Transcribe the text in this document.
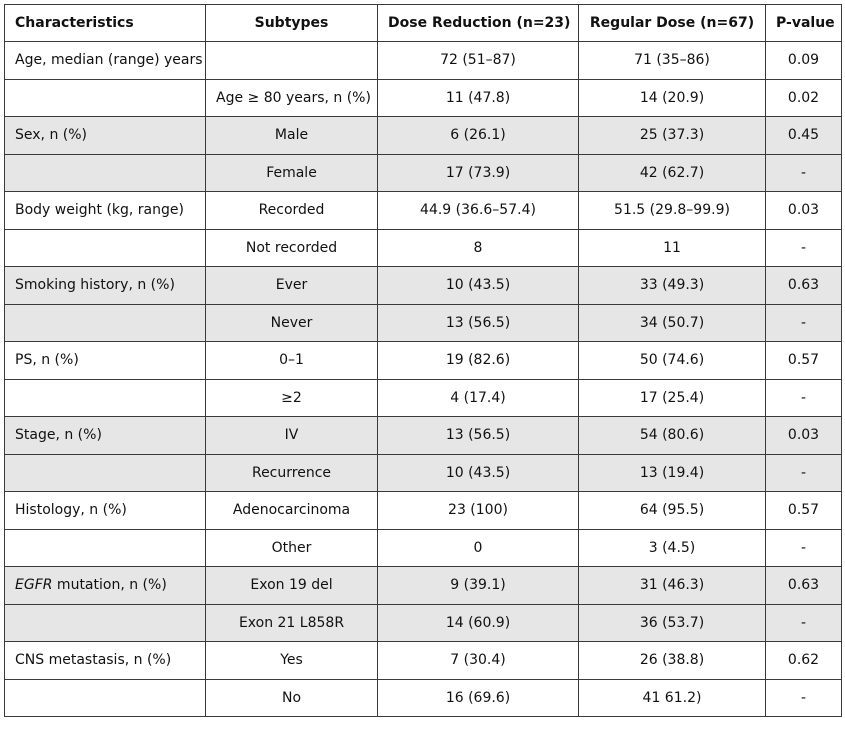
Characteristics	Subtypes	Dose Reduction (n=23)	Regular Dose (n=67)	P-value
Age, median (range) years		72 (51–87)	71 (35–86)	0.09
	Age ≥ 80 years, n (%)	11 (47.8)	14 (20.9)	0.02
Sex, n (%)	Male	6 (26.1)	25 (37.3)	0.45
	Female	17 (73.9)	42 (62.7)	-
Body weight (kg, range)	Recorded	44.9 (36.6–57.4)	51.5 (29.8–99.9)	0.03
	Not recorded	8	11	-
Smoking history, n (%)	Ever	10 (43.5)	33 (49.3)	0.63
	Never	13 (56.5)	34 (50.7)	-
PS, n (%)	0–1	19 (82.6)	50 (74.6)	0.57
	≥2	4 (17.4)	17 (25.4)	-
Stage, n (%)	IV	13 (56.5)	54 (80.6)	0.03
	Recurrence	10 (43.5)	13 (19.4)	-
Histology, n (%)	Adenocarcinoma	23 (100)	64 (95.5)	0.57
	Other	0	3 (4.5)	-
EGFR mutation, n (%)	Exon 19 del	9 (39.1)	31 (46.3)	0.63
	Exon 21 L858R	14 (60.9)	36 (53.7)	-
CNS metastasis, n (%)	Yes	7 (30.4)	26 (38.8)	0.62
	No	16 (69.6)	41 61.2)	-
